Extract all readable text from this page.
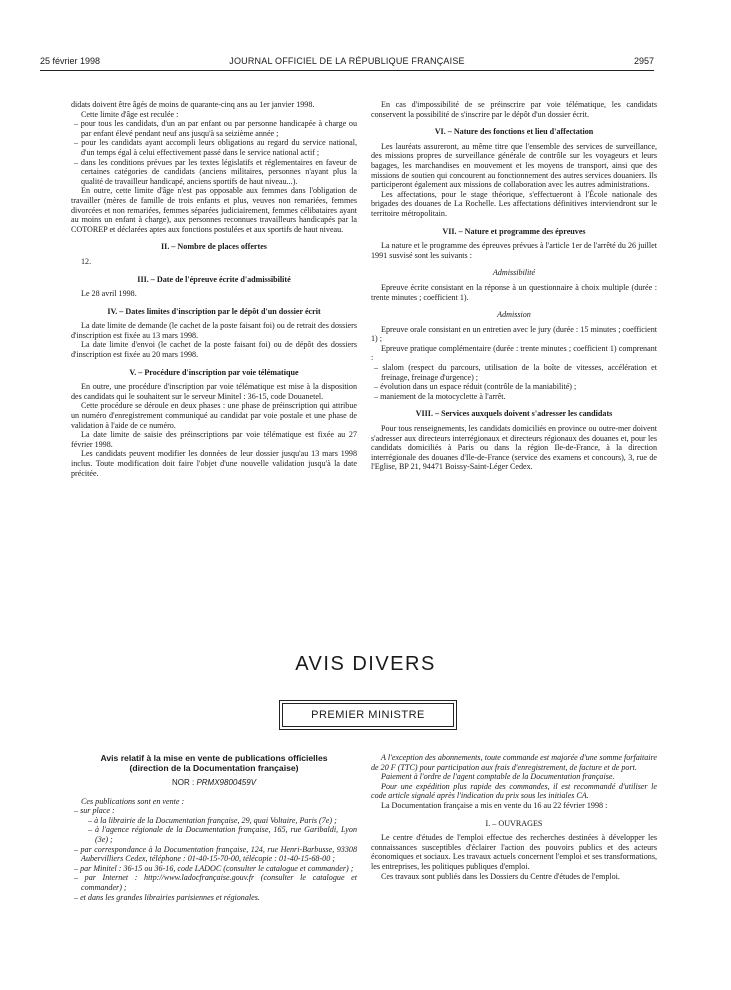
25 février 1998	JOURNAL OFFICIEL DE LA RÉPUBLIQUE FRANÇAISE	2957

didats doivent être âgés de moins de quarante-cinq ans au 1er janvier 1998.

Cette limite d'âge est reculée :

– pour tous les candidats, d'un an par enfant ou par personne handicapée à charge ou par enfant élevé pendant neuf ans jusqu'à sa seizième année ;
– pour les candidats ayant accompli leurs obligations au regard du service national, d'un temps égal à celui effectivement passé dans le service national actif ;
– dans les conditions prévues par les textes législatifs et réglementaires en faveur de certaines catégories de candidats (anciens militaires, personnes n'ayant plus la qualité de travailleur handicapé, anciens sportifs de haut niveau...).

En outre, cette limite d'âge n'est pas opposable aux femmes dans l'obligation de travailler (mères de famille de trois enfants et plus, veuves non remariées, femmes divorcées et non remariées, femmes séparées judiciairement, femmes célibataires ayant au moins un enfant à charge), aux personnes reconnues travailleurs handicapés par la COTOREP et déclarées aptes aux fonctions postulées et aux sportifs de haut niveau.

II. – Nombre de places offertes

12.

III. – Date de l'épreuve écrite d'admissibilité

Le 28 avril 1998.

IV. – Dates limites d'inscription par le dépôt d'un dossier écrit

La date limite de demande (le cachet de la poste faisant foi) ou de retrait des dossiers d'inscription est fixée au 13 mars 1998.

La date limite d'envoi (le cachet de la poste faisant foi) ou de dépôt des dossiers d'inscription est fixée au 20 mars 1998.

V. – Procédure d'inscription par voie télématique

En outre, une procédure d'inscription par voie télématique est mise à la disposition des candidats qui le souhaitent sur le serveur Minitel : 36-15, code Douanetel.

Cette procédure se déroule en deux phases : une phase de préinscription qui attribue un numéro d'enregistrement communiqué au candidat par voie postale et une phase de validation à l'aide de ce numéro.

La date limite de saisie des préinscriptions par voie télématique est fixée au 27 février 1998.

Les candidats peuvent modifier les données de leur dossier jusqu'au 13 mars 1998 inclus. Toute modification doit faire l'objet d'une nouvelle validation jusqu'à la date précitée.

En cas d'impossibilité de se préinscrire par voie télématique, les candidats conservent la possibilité de s'inscrire par le dépôt d'un dossier écrit.

VI. – Nature des fonctions et lieu d'affectation

Les lauréats assureront, au même titre que l'ensemble des services de surveillance, des missions propres de surveillance générale de contrôle sur les voyageurs et leurs bagages, les marchandises en mouvement et les moyens de transport, ainsi que des missions de soutien qui concourent au fonctionnement des autres services douaniers. Ils participeront également aux missions de collaboration avec les autres administrations.

Les affectations, pour le stage théorique, s'effectueront à l'École nationale des brigades des douanes de La Rochelle. Les affectations définitives interviendront sur le territoire métropolitain.

VII. – Nature et programme des épreuves

La nature et le programme des épreuves prévues à l'article 1er de l'arrêté du 26 juillet 1991 susvisé sont les suivants :

Admissibilité

Epreuve écrite consistant en la réponse à un questionnaire à choix multiple (durée : trente minutes ; coefficient 1).

Admission

Epreuve orale consistant en un entretien avec le jury (durée : 15 minutes ; coefficient 1) ;

Epreuve pratique complémentaire (durée : trente minutes ; coefficient 1) comprenant :

– slalom (respect du parcours, utilisation de la boîte de vitesses, accélération et freinage, freinage d'urgence) ;
– évolution dans un espace réduit (contrôle de la maniabilité) ;
– maniement de la motocyclette à l'arrêt.
VIII. – Services auxquels doivent s'adresser les candidats

Pour tous renseignements, les candidats domiciliés en province ou outre-mer doivent s'adresser aux directeurs interrégionaux et directeurs régionaux des douanes et, pour les candidats domiciliés à Paris ou dans la région Ile-de-France, à la direction interrégionale des douanes d'Ile-de-France (service des examens et concours), 3, rue de l'Eglise, BP 21, 94471 Boissy-Saint-Léger Cedex.

AVIS DIVERS
PREMIER MINISTRE
Avis relatif à la mise en vente de publications officielles
(direction de la Documentation française)
NOR : PRMX9800459V

Ces publications sont en vente :

– sur place :
– à la librairie de la Documentation française, 29, quai Voltaire, Paris (7e) ;
– à l'agence régionale de la Documentation française, 165, rue Garibaldi, Lyon (3e) ;
– par correspondance à la Documentation française, 124, rue Henri-Barbusse, 93308 Aubervilliers Cedex, téléphone : 01-40-15-70-00, télécopie : 01-40-15-68-00 ;
– par Minitel : 36-15 ou 36-16, code LADOC (consulter le catalogue et commander) ;
– par Internet : http://www.ladocfrançaise.gouv.fr (consulter le catalogue et commander) ;
– et dans les grandes librairies parisiennes et régionales.

A l'exception des abonnements, toute commande est majorée d'une somme forfaitaire de 20 F (TTC) pour participation aux frais d'enregistrement, de facture et de port.

Paiement à l'ordre de l'agent comptable de la Documentation française.

Pour une expédition plus rapide des commandes, il est recommandé d'utiliser le code article signalé après l'indication du prix sous les initiales CA.

La Documentation française a mis en vente du 16 au 22 février 1998 :

I. – OUVRAGES

Le centre d'études de l'emploi effectue des recherches destinées à développer les connaissances susceptibles d'éclairer l'action des pouvoirs publics et des acteurs économiques et sociaux. Les travaux actuels concernent l'emploi et ses transformations, les entreprises, les politiques publiques d'emploi.

Ces travaux sont publiés dans les Dossiers du Centre d'études de l'emploi.
